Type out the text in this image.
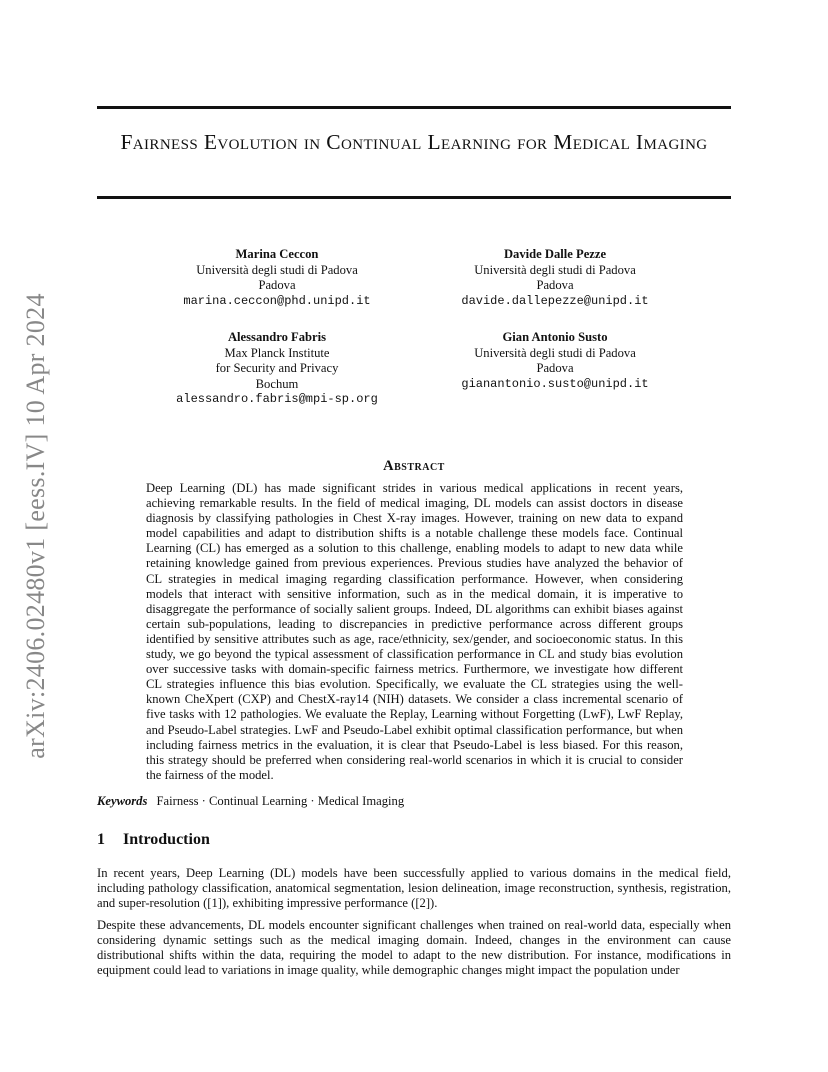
arXiv:2406.02480v1 [eess.IV] 10 Apr 2024
Fairness Evolution in Continual Learning for Medical Imaging
Marina Ceccon
Università degli studi di Padova
Padova
marina.ceccon@phd.unipd.it
Davide Dalle Pezze
Università degli studi di Padova
Padova
davide.dallepezze@unipd.it
Alessandro Fabris
Max Planck Institute
for Security and Privacy
Bochum
alessandro.fabris@mpi-sp.org
Gian Antonio Susto
Università degli studi di Padova
Padova
gianantonio.susto@unipd.it
Abstract

Deep Learning (DL) has made significant strides in various medical applications in recent years, achieving remarkable results. In the field of medical imaging, DL models can assist doctors in disease diagnosis by classifying pathologies in Chest X-ray images. However, training on new data to expand model capabilities and adapt to distribution shifts is a notable challenge these models face. Continual Learning (CL) has emerged as a solution to this challenge, enabling models to adapt to new data while retaining knowledge gained from previous experiences. Previous studies have analyzed the behavior of CL strategies in medical imaging regarding classification performance. However, when considering models that interact with sensitive information, such as in the medical domain, it is imperative to disaggregate the performance of socially salient groups. Indeed, DL algorithms can exhibit biases against certain sub-populations, leading to discrepancies in predictive performance across different groups identified by sensitive attributes such as age, race/ethnicity, sex/gender, and socioeconomic status. In this study, we go beyond the typical assessment of classification performance in CL and study bias evolution over successive tasks with domain-specific fairness metrics. Furthermore, we investigate how different CL strategies influence this bias evolution. Specifically, we evaluate the CL strategies using the well-known CheXpert (CXP) and ChestX-ray14 (NIH) datasets. We consider a class incremental scenario of five tasks with 12 pathologies. We evaluate the Replay, Learning without Forgetting (LwF), LwF Replay, and Pseudo-Label strategies. LwF and Pseudo-Label exhibit optimal classification performance, but when including fairness metrics in the evaluation, it is clear that Pseudo-Label is less biased. For this reason, this strategy should be preferred when considering real-world scenarios in which it is crucial to consider the fairness of the model.

Keywords Fairness · Continual Learning · Medical Imaging
1 Introduction

In recent years, Deep Learning (DL) models have been successfully applied to various domains in the medical field, including pathology classification, anatomical segmentation, lesion delineation, image reconstruction, synthesis, registration, and super-resolution ([1]), exhibiting impressive performance ([2]).

Despite these advancements, DL models encounter significant challenges when trained on real-world data, especially when considering dynamic settings such as the medical imaging domain. Indeed, changes in the environment can cause distributional shifts within the data, requiring the model to adapt to the new distribution. For instance, modifications in equipment could lead to variations in image quality, while demographic changes might impact the population under
